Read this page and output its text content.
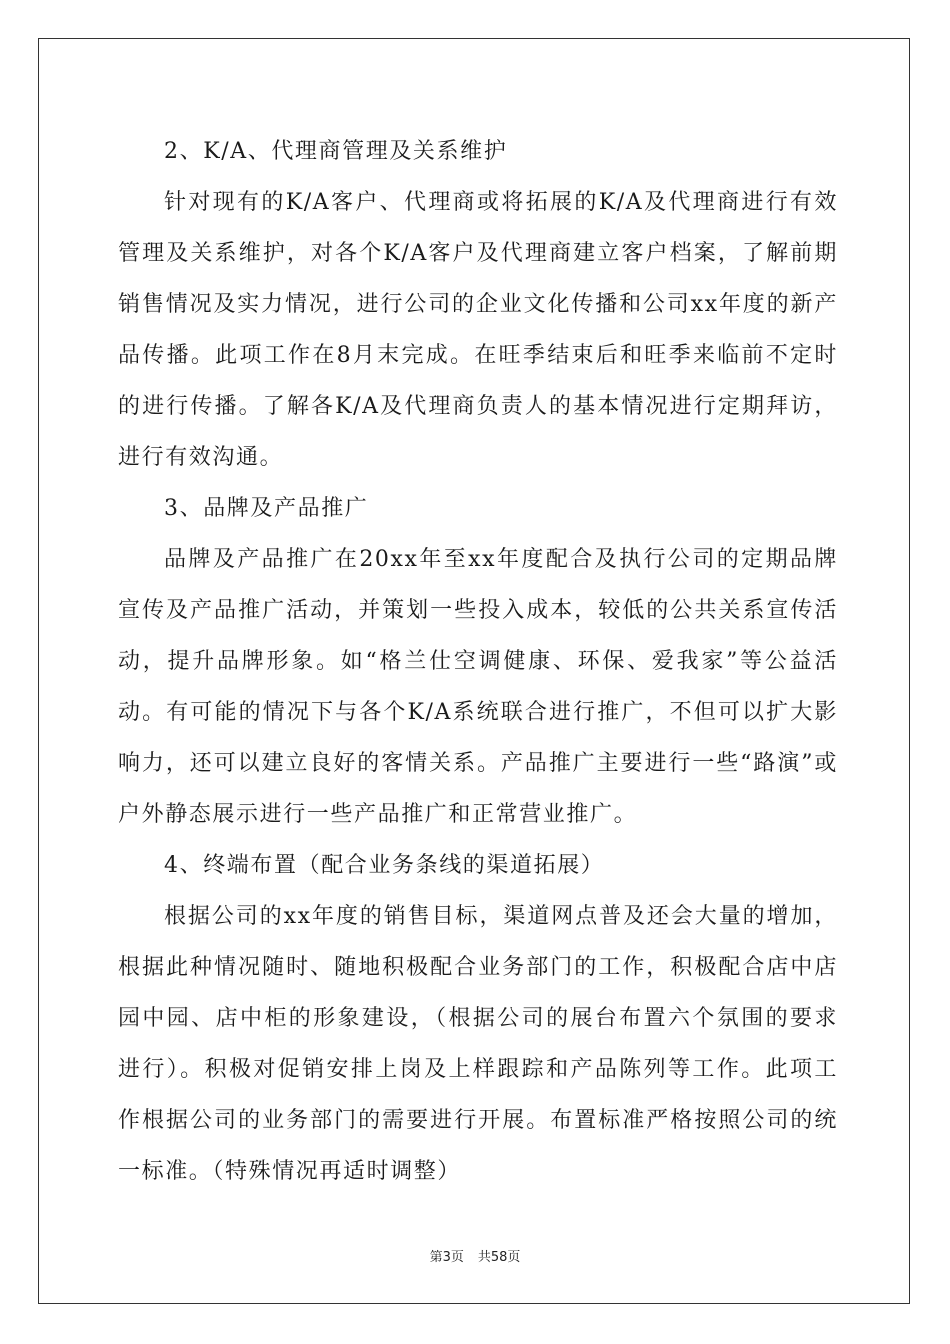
2、K/A、代理商管理及关系维护

针对现有的K/A客户、代理商或将拓展的K/A及代理商进行有效管理及关系维护，对各个K/A客户及代理商建立客户档案，了解前期销售情况及实力情况，进行公司的企业文化传播和公司xx年度的新产品传播。此项工作在8月末完成。在旺季结束后和旺季来临前不定时的进行传播。了解各K/A及代理商负责人的基本情况进行定期拜访，进行有效沟通。

3、品牌及产品推广

品牌及产品推广在20xx年至xx年度配合及执行公司的定期品牌宣传及产品推广活动，并策划一些投入成本，较低的公共关系宣传活动，提升品牌形象。如“格兰仕空调健康、环保、爱我家”等公益活动。有可能的情况下与各个K/A系统联合进行推广，不但可以扩大影响力，还可以建立良好的客情关系。产品推广主要进行一些“路演”或户外静态展示进行一些产品推广和正常营业推广。

4、终端布置（配合业务条线的渠道拓展）

根据公司的xx年度的销售目标，渠道网点普及还会大量的增加，根据此种情况随时、随地积极配合业务部门的工作，积极配合店中店园中园、店中柜的形象建设，（根据公司的展台布置六个氛围的要求进行）。积极对促销安排上岗及上样跟踪和产品陈列等工作。此项工作根据公司的业务部门的需要进行开展。布置标准严格按照公司的统一标准。（特殊情况再适时调整）

第3页 共58页
